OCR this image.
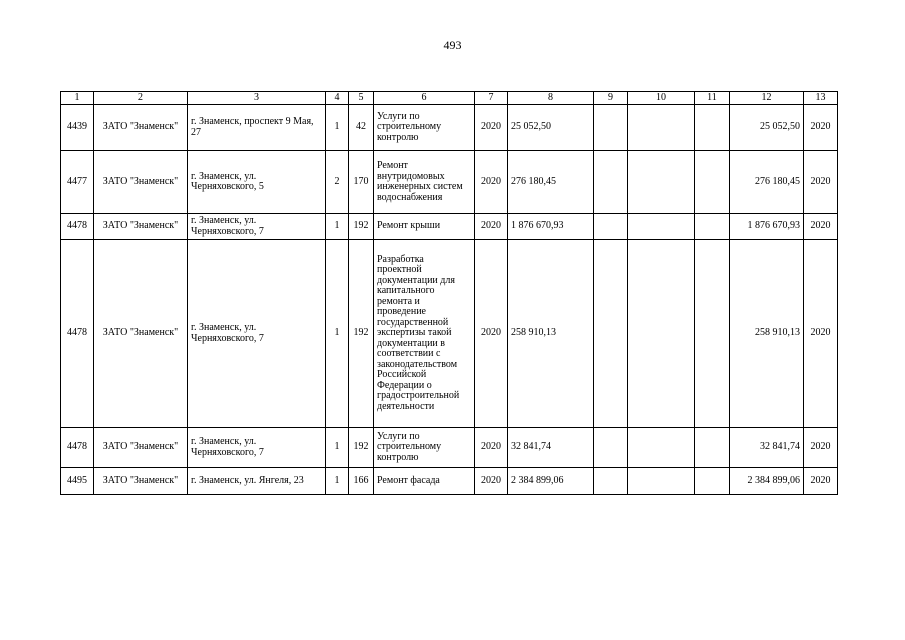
493
1	2	3	4	5	6	7	8	9	10	11	12	13
4439	ЗАТО "Знаменск"	г. Знаменск, проспект 9 Мая, 27	1	42	Услуги по строительному контролю	2020	25 052,50				25 052,50	2020
4477	ЗАТО "Знаменск"	г. Знаменск, ул. Черняховского, 5	2	170	Ремонт внутридомовых инженерных систем водоснабжения	2020	276 180,45				276 180,45	2020
4478	ЗАТО "Знаменск"	г. Знаменск, ул. Черняховского, 7	1	192	Ремонт крыши	2020	1 876 670,93				1 876 670,93	2020
4478	ЗАТО "Знаменск"	г. Знаменск, ул. Черняховского, 7	1	192	Разработка проектной документации для капитального ремонта и проведение государственной экспертизы такой документации в соответствии с законодательством Российской Федерации о градостроительной деятельности	2020	258 910,13				258 910,13	2020
4478	ЗАТО "Знаменск"	г. Знаменск, ул. Черняховского, 7	1	192	Услуги по строительному контролю	2020	32 841,74				32 841,74	2020
4495	ЗАТО "Знаменск"	г. Знаменск, ул. Янгеля, 23	1	166	Ремонт фасада	2020	2 384 899,06				2 384 899,06	2020
